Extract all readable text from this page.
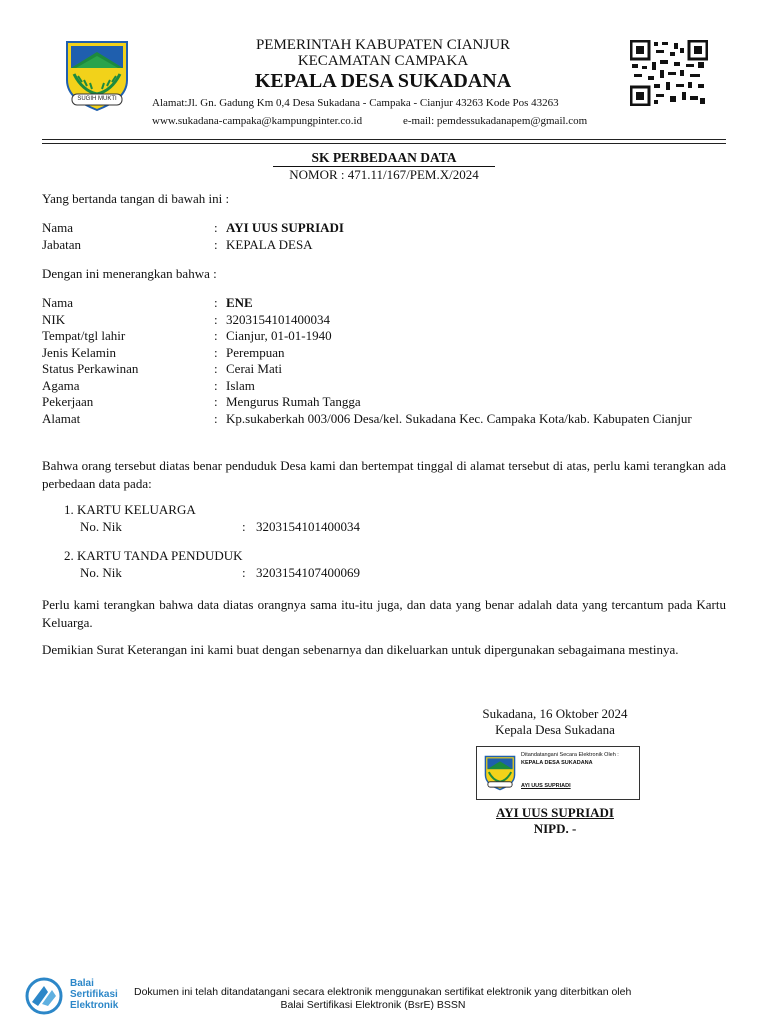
SUGIH MUKTI
PEMERINTAH KABUPATEN CIANJUR
KECAMATAN CAMPAKA
KEPALA DESA SUKADANA
Alamat:Jl. Gn. Gadung Km 0,4 Desa Sukadana - Campaka - Cianjur 43263 Kode Pos 43263
www.sukadana-campaka@kampungpinter.co.id	e-mail: pemdessukadanapem@gmail.com
SK PERBEDAAN DATA
NOMOR : 471.11/167/PEM.X/2024
Yang bertanda tangan di bawah ini :
Nama	:	AYI UUS SUPRIADI
Jabatan	:	KEPALA DESA
Dengan ini menerangkan bahwa :
Nama	:	ENE
NIK	:	3203154101400034
Tempat/tgl lahir	:	Cianjur, 01-01-1940
Jenis Kelamin	:	Perempuan
Status Perkawinan	:	Cerai Mati
Agama	:	Islam
Pekerjaan	:	Mengurus Rumah Tangga
Alamat	:	Kp.sukaberkah 003/006 Desa/kel. Sukadana Kec. Campaka Kota/kab. Kabupaten Cianjur
Bahwa orang tersebut diatas benar penduduk Desa kami dan bertempat tinggal di alamat tersebut di atas, perlu kami terangkan ada perbedaan data pada:
1. KARTU KELUARGA
No. Nik	: 3203154101400034
2. KARTU TANDA PENDUDUK
No. Nik	: 3203154107400069
Perlu kami terangkan bahwa data diatas orangnya sama itu-itu juga, dan data yang benar adalah data yang tercantum pada Kartu Keluarga.
Demikian Surat Keterangan ini kami buat dengan sebenarnya dan dikeluarkan untuk dipergunakan sebagaimana mestinya.
Sukadana, 16 Oktober 2024
Kepala Desa Sukadana
Ditandatangani Secara Elektronik Oleh :
KEPALA DESA SUKADANA
AYI UUS SUPRIADI
AYI UUS SUPRIADI
NIPD. -
Balai
Sertifikasi
Elektronik
Dokumen ini telah ditandatangani secara elektronik menggunakan sertifikat elektronik yang diterbitkan oleh
Balai Sertifikasi Elektronik (BsrE) BSSN
